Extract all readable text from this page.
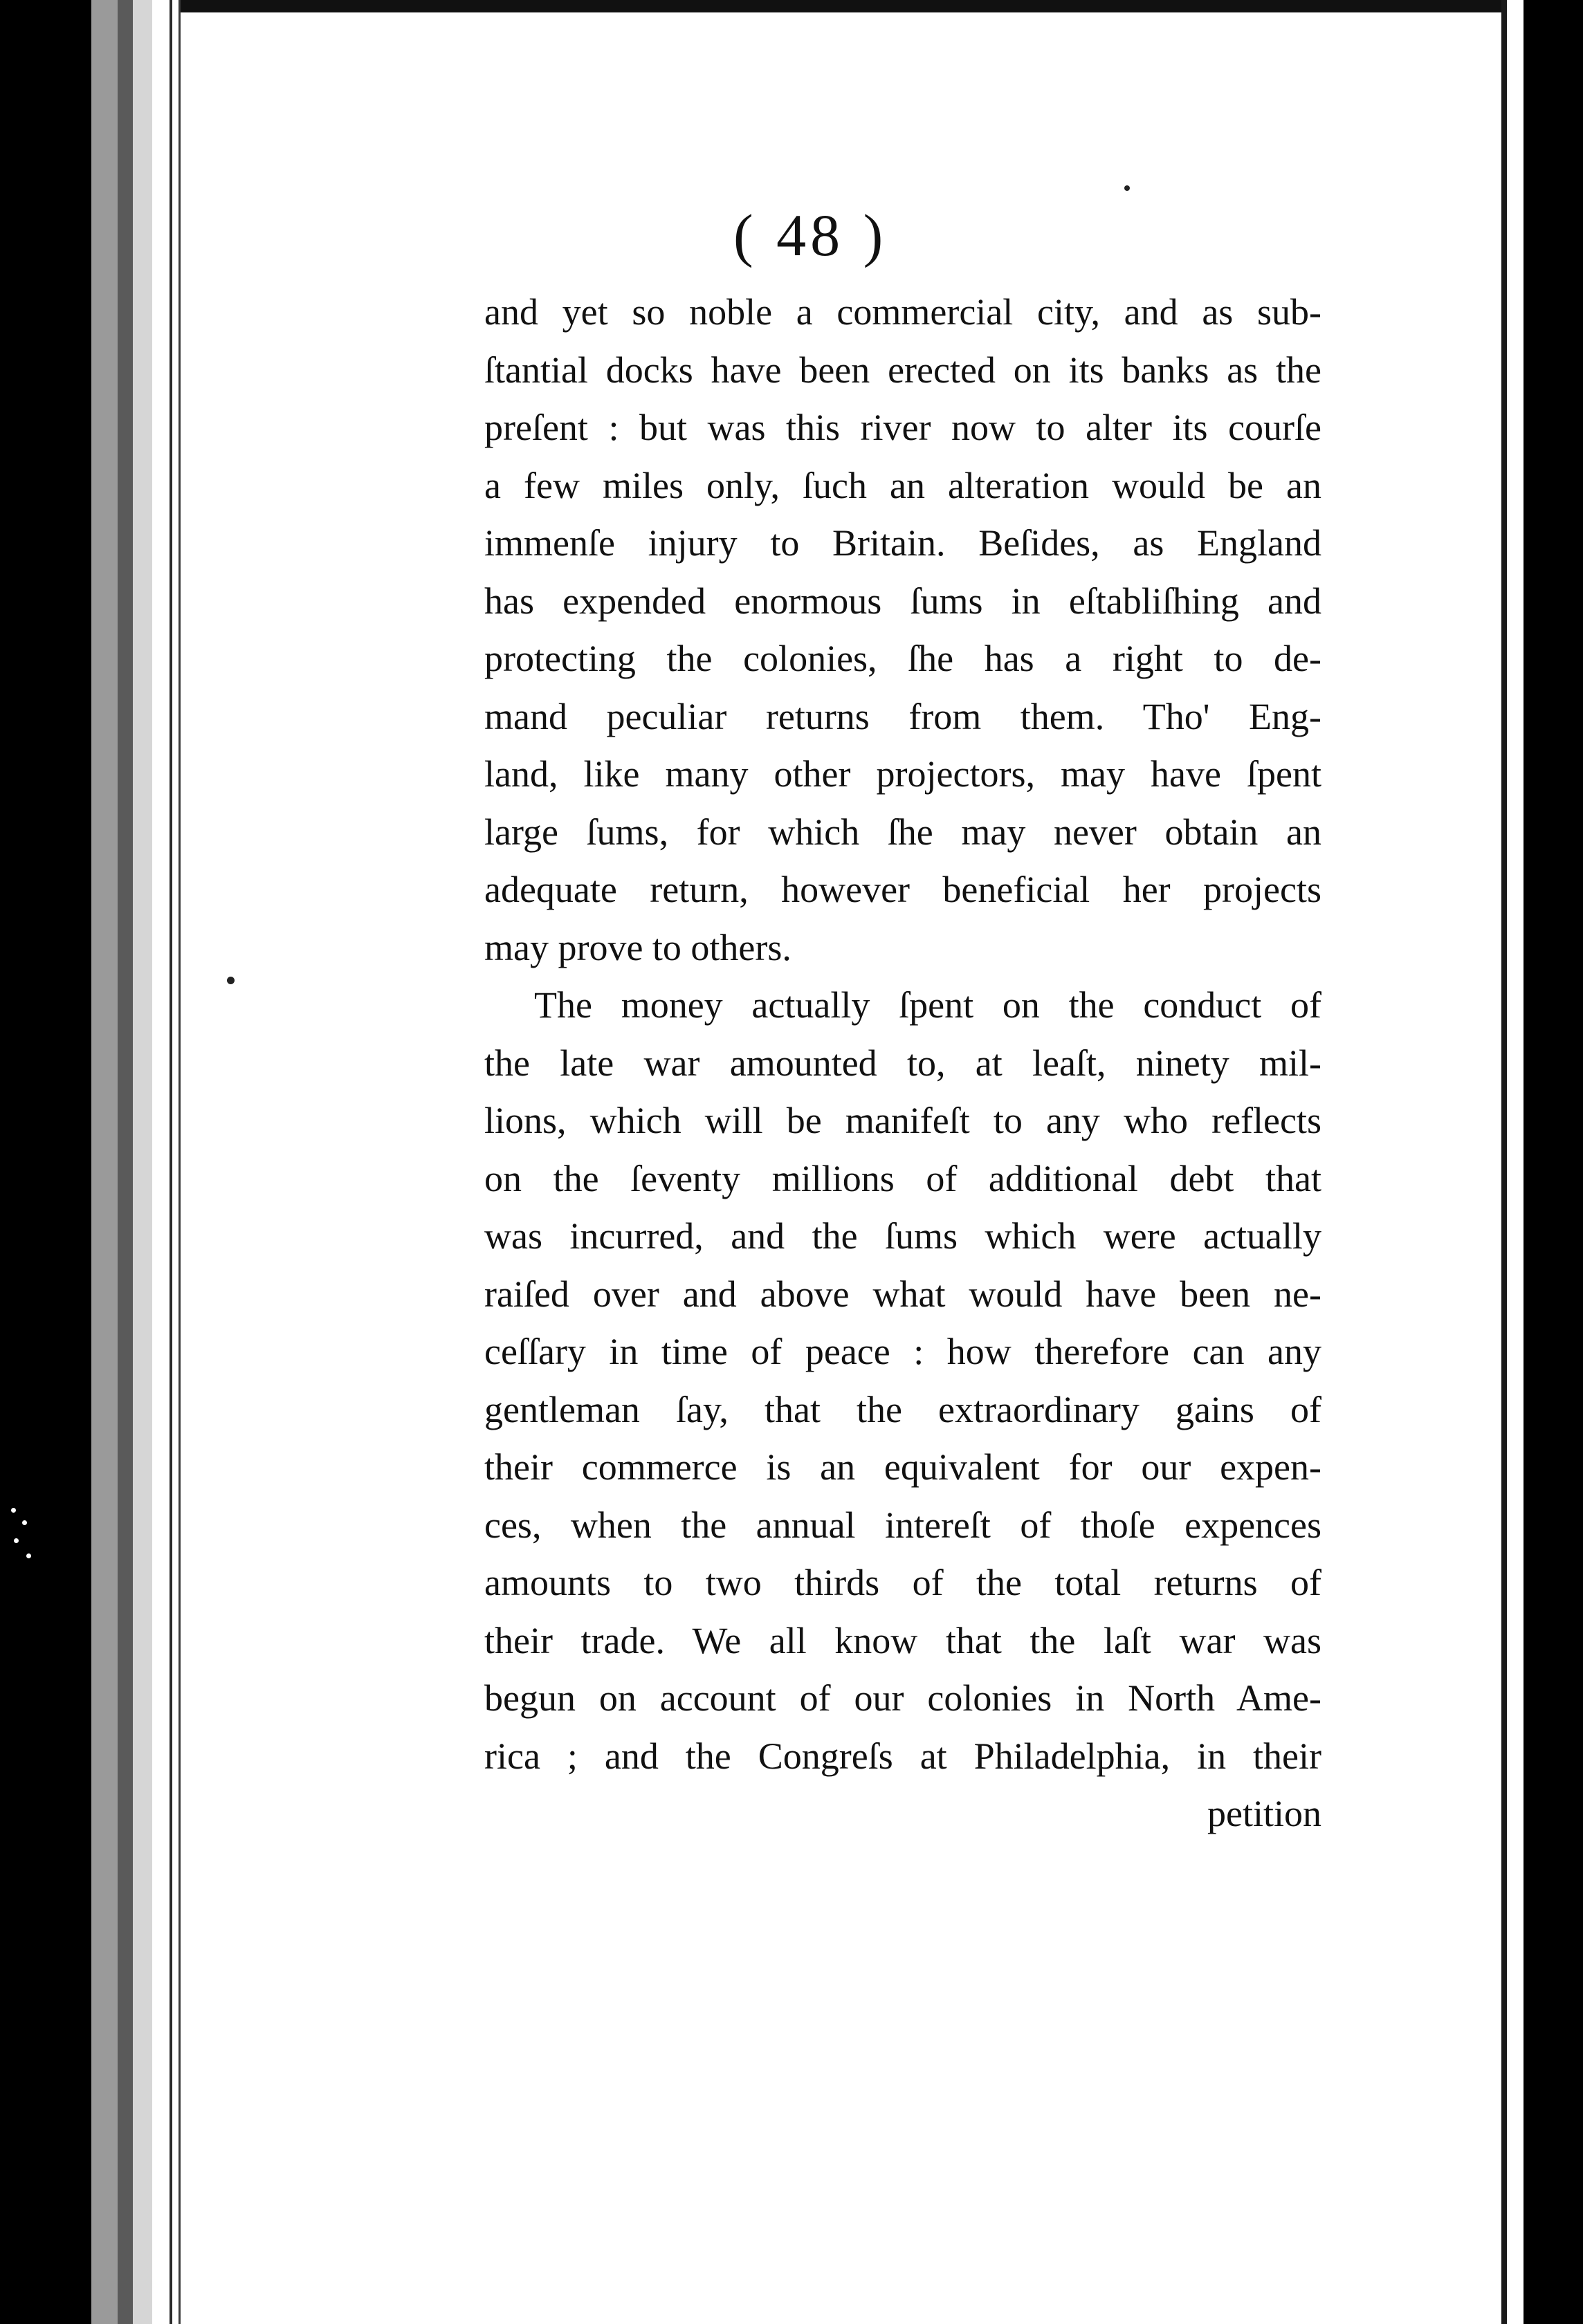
( 48 )
and yet so noble a commercial city, and as sub-
ſtantial docks have been erected on its banks as the
preſent : but was this river now to alter its courſe
a few miles only, ſuch an alteration would be an
immenſe injury to Britain. Beſides, as England
has expended enormous ſums in eſtabliſhing and
protecting the colonies, ſhe has a right to de-
mand peculiar returns from them. Tho' Eng-
land, like many other projectors, may have ſpent
large ſums, for which ſhe may never obtain an
adequate return, however beneficial her projects
may prove to others.
The money actually ſpent on the conduct of
the late war amounted to, at leaſt, ninety mil-
lions, which will be manifeſt to any who reflects
on the ſeventy millions of additional debt that
was incurred, and the ſums which were actually
raiſed over and above what would have been ne-
ceſſary in time of peace : how therefore can any
gentleman ſay, that the extraordinary gains of
their commerce is an equivalent for our expen-
ces, when the annual intereſt of thoſe expences
amounts to two thirds of the total returns of
their trade. We all know that the laſt war was
begun on account of our colonies in North Ame-
rica ; and the Congreſs at Philadelphia, in their
petition
